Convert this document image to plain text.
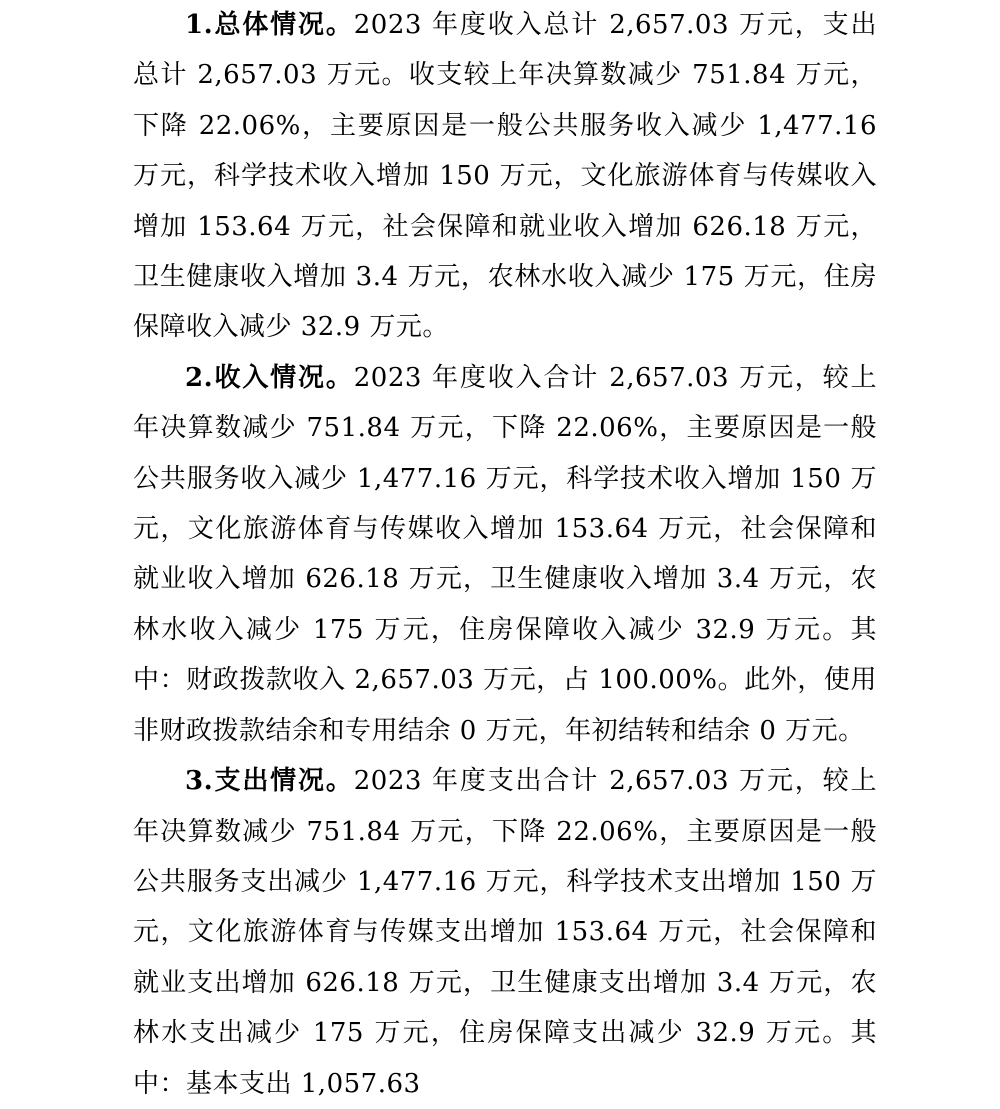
1.总体情况。2023 年度收入总计 2,657.03 万元，支出总计 2,657.03 万元。收支较上年决算数减少 751.84 万元，下降 22.06%，主要原因是一般公共服务收入减少 1,477.16 万元，科学技术收入增加 150 万元，文化旅游体育与传媒收入增加 153.64 万元，社会保障和就业收入增加 626.18 万元，卫生健康收入增加 3.4 万元，农林水收入减少 175 万元，住房保障收入减少 32.9 万元。

2.收入情况。2023 年度收入合计 2,657.03 万元，较上年决算数减少 751.84 万元，下降 22.06%，主要原因是一般公共服务收入减少 1,477.16 万元，科学技术收入增加 150 万元，文化旅游体育与传媒收入增加 153.64 万元，社会保障和就业收入增加 626.18 万元，卫生健康收入增加 3.4 万元，农林水收入减少 175 万元，住房保障收入减少 32.9 万元。其中：财政拨款收入 2,657.03 万元，占 100.00%。此外，使用非财政拨款结余和专用结余 0 万元，年初结转和结余 0 万元。

3.支出情况。2023 年度支出合计 2,657.03 万元，较上年决算数减少 751.84 万元，下降 22.06%，主要原因是一般公共服务支出减少 1,477.16 万元，科学技术支出增加 150 万元，文化旅游体育与传媒支出增加 153.64 万元，社会保障和就业支出增加 626.18 万元，卫生健康支出增加 3.4 万元，农林水支出减少 175 万元，住房保障支出减少 32.9 万元。其中：基本支出 1,057.63
